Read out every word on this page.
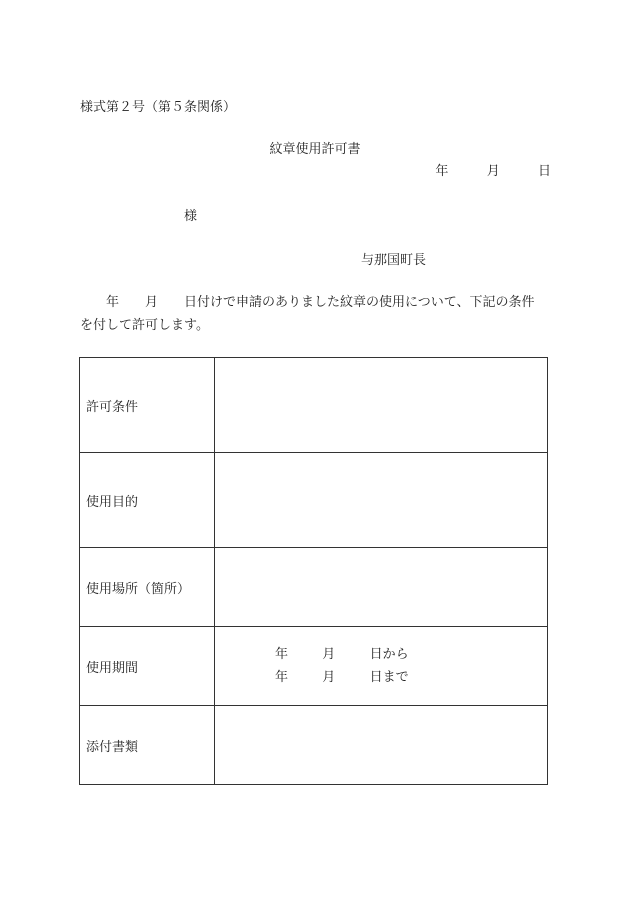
様式第２号（第５条関係）
紋章使用許可書
年	月	日
様
与那国町長
　　年　　月　　日付けで申請のありました紋章の使用について、下記の条件
を付して許可します。
許可条件	
使用目的	
使用場所（箇所）	
使用期間	年 月 日から
年 月 日まで

添付書類	
